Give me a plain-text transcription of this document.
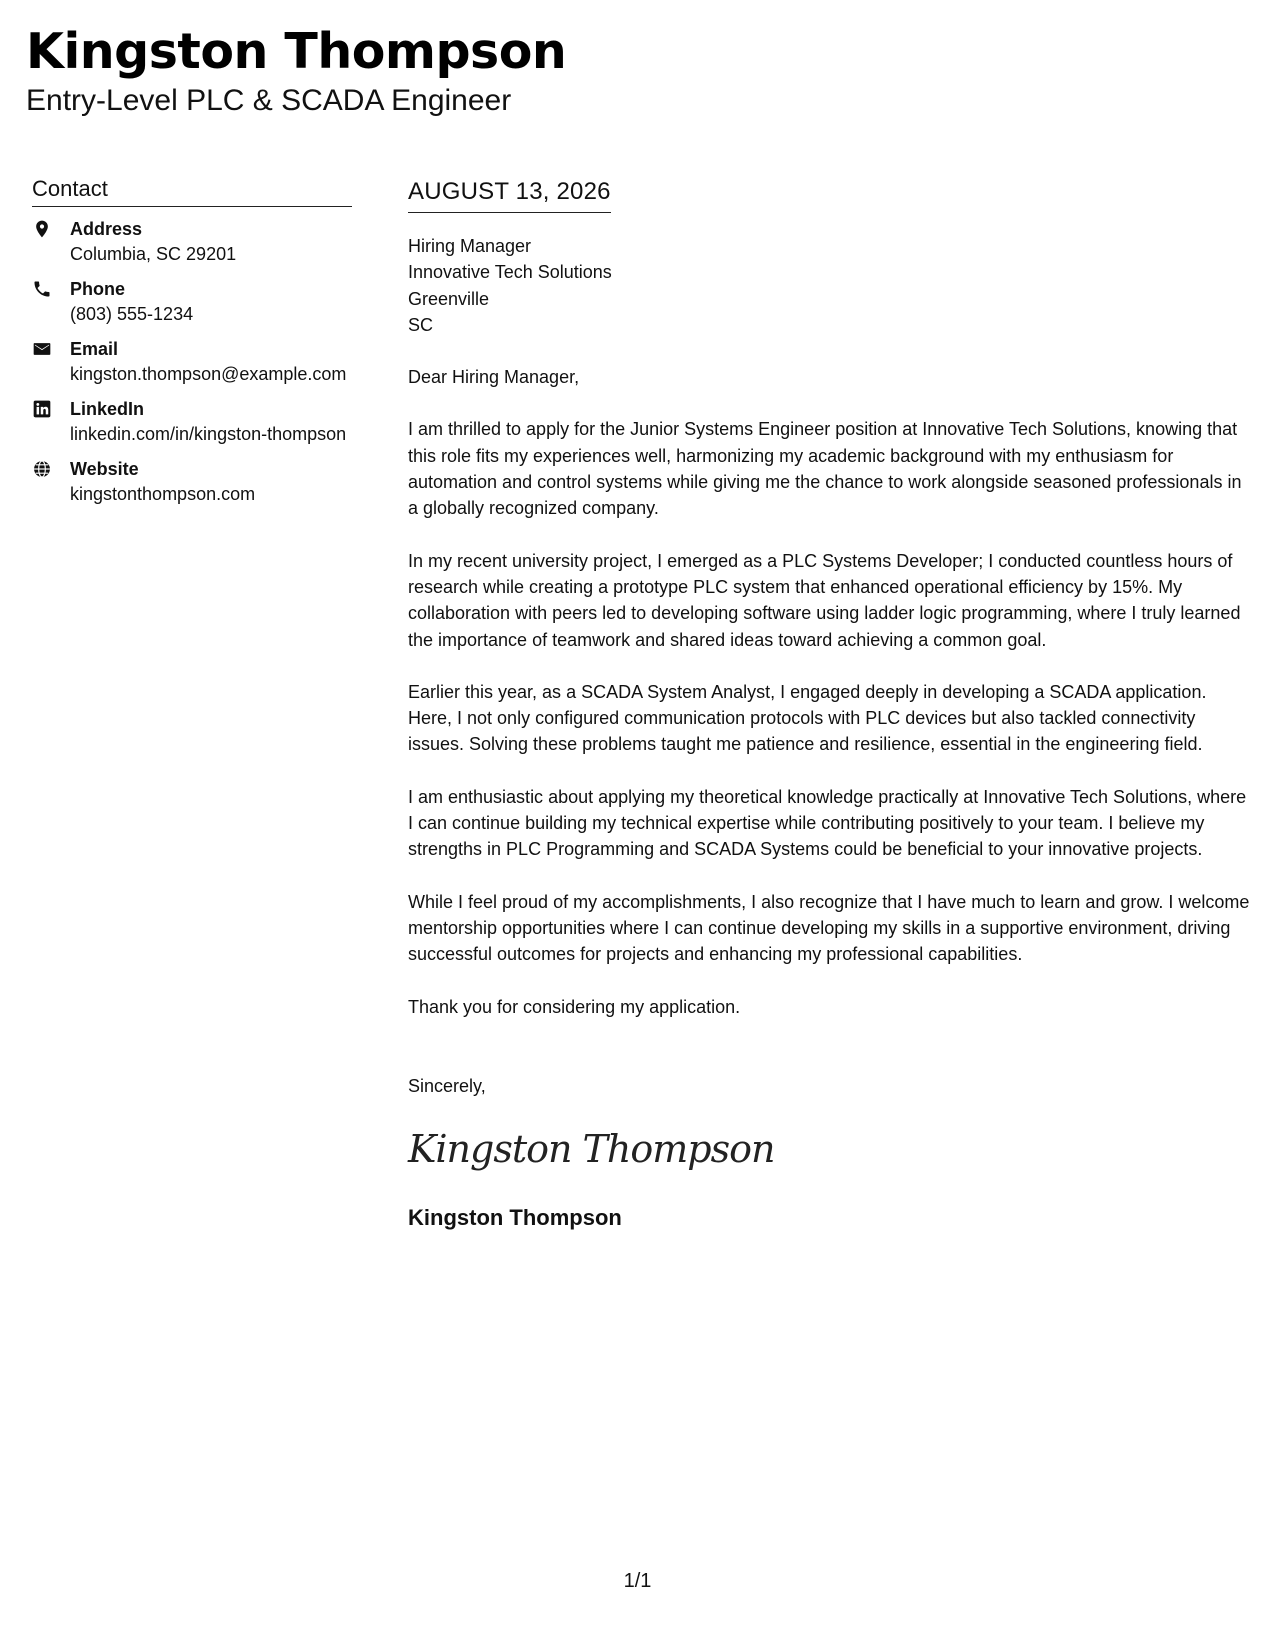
Kingston Thompson
Entry-Level PLC & SCADA Engineer
Contact
Address
Columbia, SC 29201
Phone
(803) 555-1234
Email
kingston.thompson@example.com
LinkedIn
linkedin.com/in/kingston-thompson
Website
kingstonthompson.com
AUGUST 13, 2026
Hiring Manager
Innovative Tech Solutions
Greenville
SC
Dear Hiring Manager,
I am thrilled to apply for the Junior Systems Engineer position at Innovative Tech Solutions, knowing that this role fits my experiences well, harmonizing my academic background with my enthusiasm for automation and control systems while giving me the chance to work alongside seasoned professionals in a globally recognized company.
In my recent university project, I emerged as a PLC Systems Developer; I conducted countless hours of research while creating a prototype PLC system that enhanced operational efficiency by 15%. My collaboration with peers led to developing software using ladder logic programming, where I truly learned the importance of teamwork and shared ideas toward achieving a common goal.
Earlier this year, as a SCADA System Analyst, I engaged deeply in developing a SCADA application. Here, I not only configured communication protocols with PLC devices but also tackled connectivity issues. Solving these problems taught me patience and resilience, essential in the engineering field.
I am enthusiastic about applying my theoretical knowledge practically at Innovative Tech Solutions, where I can continue building my technical expertise while contributing positively to your team. I believe my strengths in PLC Programming and SCADA Systems could be beneficial to your innovative projects.
While I feel proud of my accomplishments, I also recognize that I have much to learn and grow. I welcome mentorship opportunities where I can continue developing my skills in a supportive environment, driving successful outcomes for projects and enhancing my professional capabilities.
Thank you for considering my application.
Sincerely,
Kingston Thompson
Kingston Thompson
1/1
